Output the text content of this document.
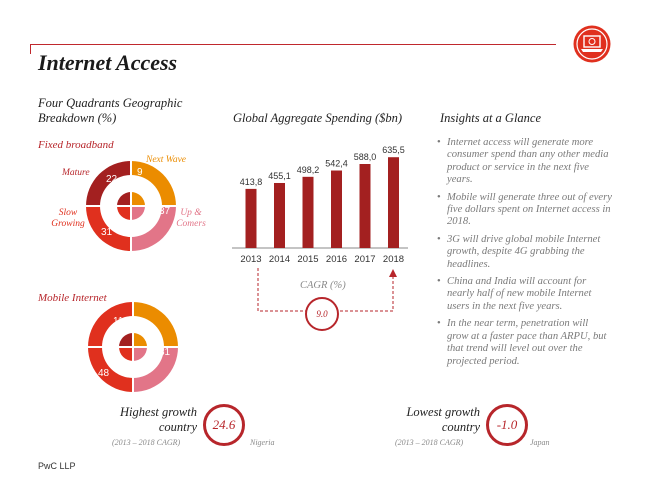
Internet Access
Four Quadrants Geographic Breakdown (%)
Fixed broadband
Mature
Next Wave
Slow Growing
Up & Comers
22
9
31
37
Mobile Internet
11 9
48
31
Global Aggregate Spending ($bn)
413,8
2013
455,1
2014
498,2
2015
542,4
2016
588,0
2017
635,5
2018
CAGR (%)
9.0
Insights at a Glance
• Internet access will generate more consumer spend than any other media product or service in the next five years.
• Mobile will generate three out of every five dollars spent on Internet access in 2018.
• 3G will drive global mobile Internet growth, despite 4G grabbing the headlines.
• China and India will account for nearly half of new mobile Internet users in the next five years.
• In the near term, penetration will grow at a faster pace than ARPU, but that trend will level out over the projected period.
Highest growth country 24.6
(2013 – 2018 CAGR)	Nigeria
Lowest growth country -1.0
(2013 – 2018 CAGR)	Japan
PwC LLP
